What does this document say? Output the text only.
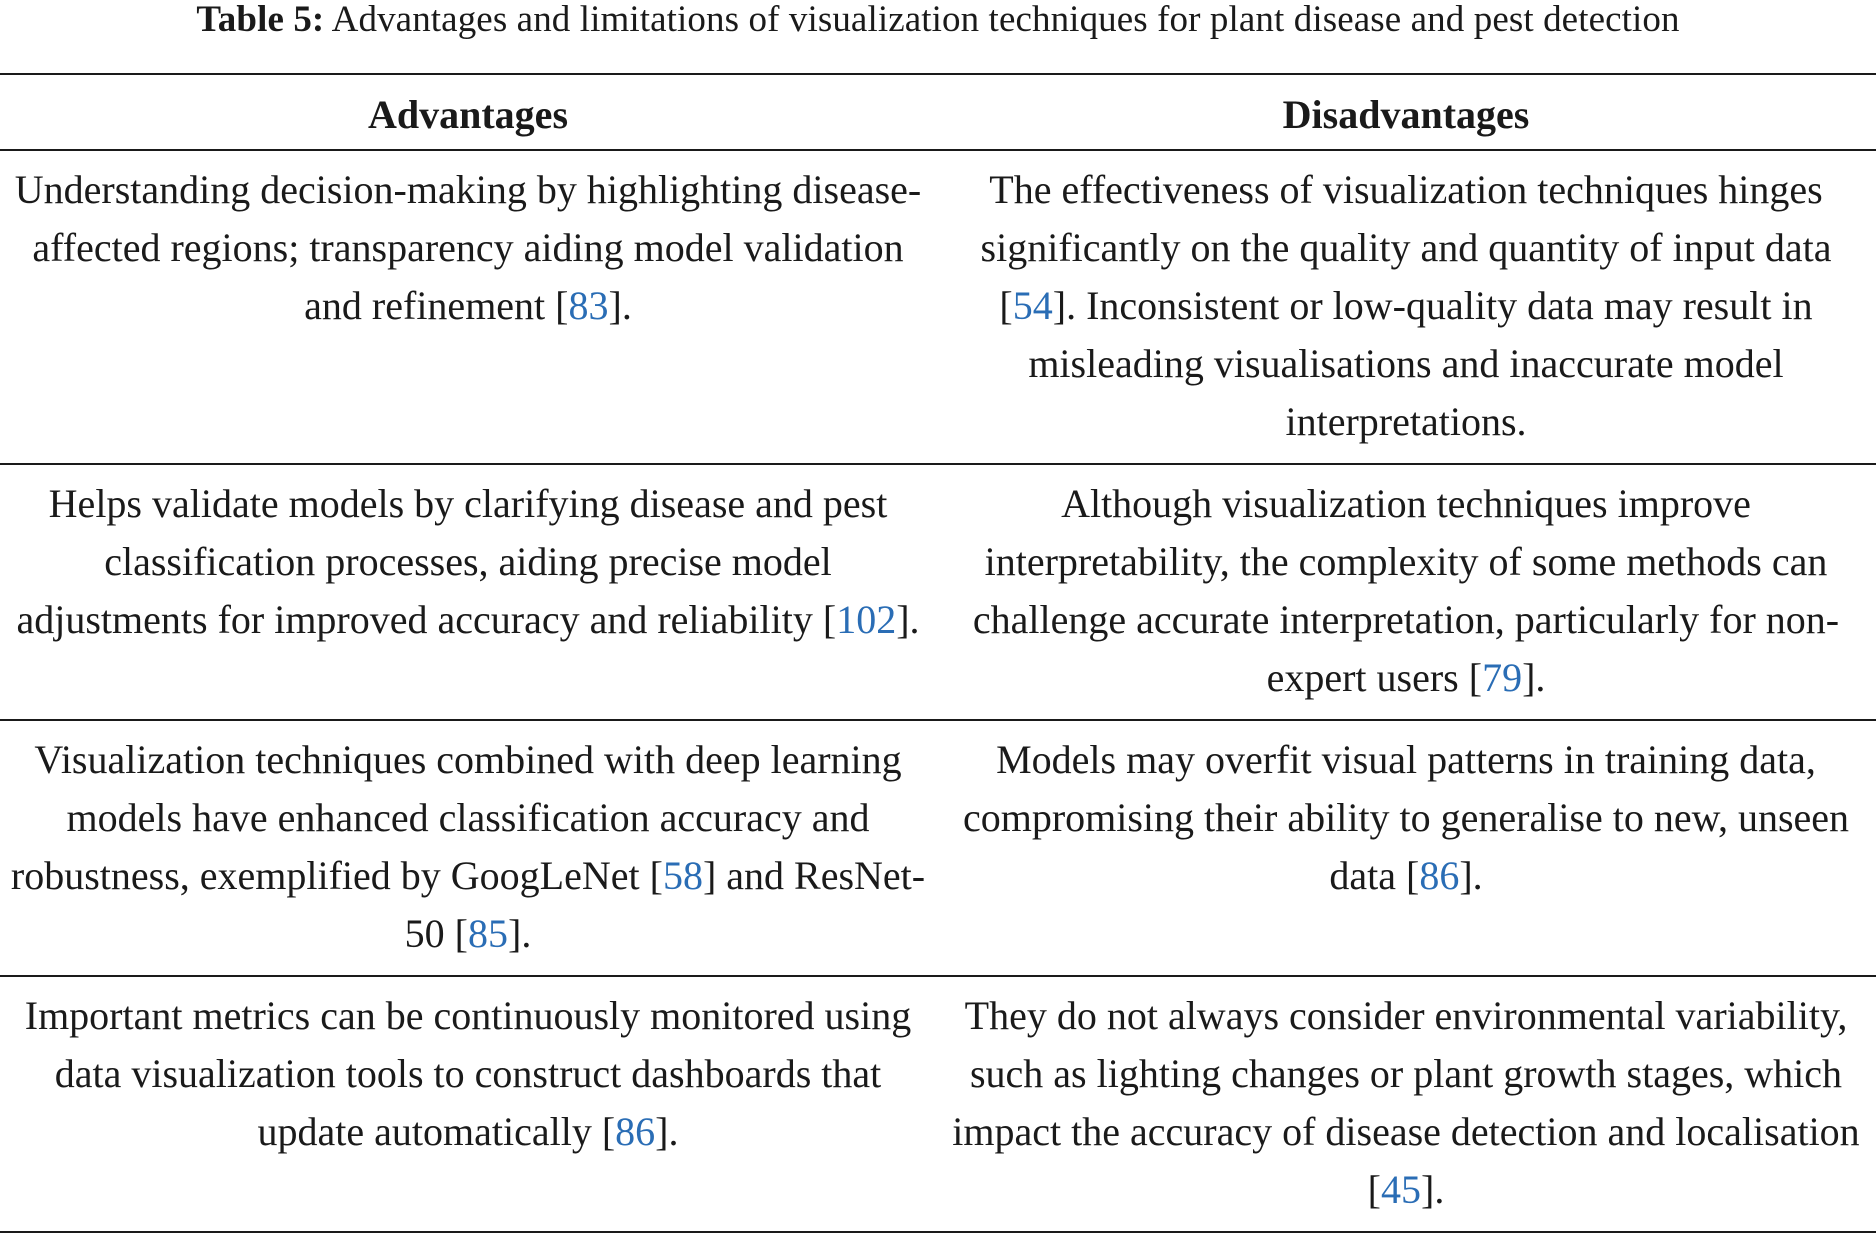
Table 5: Advantages and limitations of visualization techniques for plant disease and pest detection
Advantages	Disadvantages
Understanding decision-making by highlighting disease-affected regions; transparency aiding model validation and refinement [83].	The effectiveness of visualization techniques hinges significantly on the quality and quantity of input data [54]. Inconsistent or low-quality data may result in misleading visualisations and inaccurate model interpretations.
Helps validate models by clarifying disease and pest classification processes, aiding precise model adjustments for improved accuracy and reliability [102].	Although visualization techniques improve interpretability, the complexity of some methods can challenge accurate interpretation, particularly for non-expert users [79].
Visualization techniques combined with deep learning models have enhanced classification accuracy and robustness, exemplified by GoogLeNet [58] and ResNet-50 [85].	Models may overfit visual patterns in training data, compromising their ability to generalise to new, unseen data [86].
Important metrics can be continuously monitored using data visualization tools to construct dashboards that update automatically [86].	They do not always consider environmental variability, such as lighting changes or plant growth stages, which impact the accuracy of disease detection and localisation [45].
